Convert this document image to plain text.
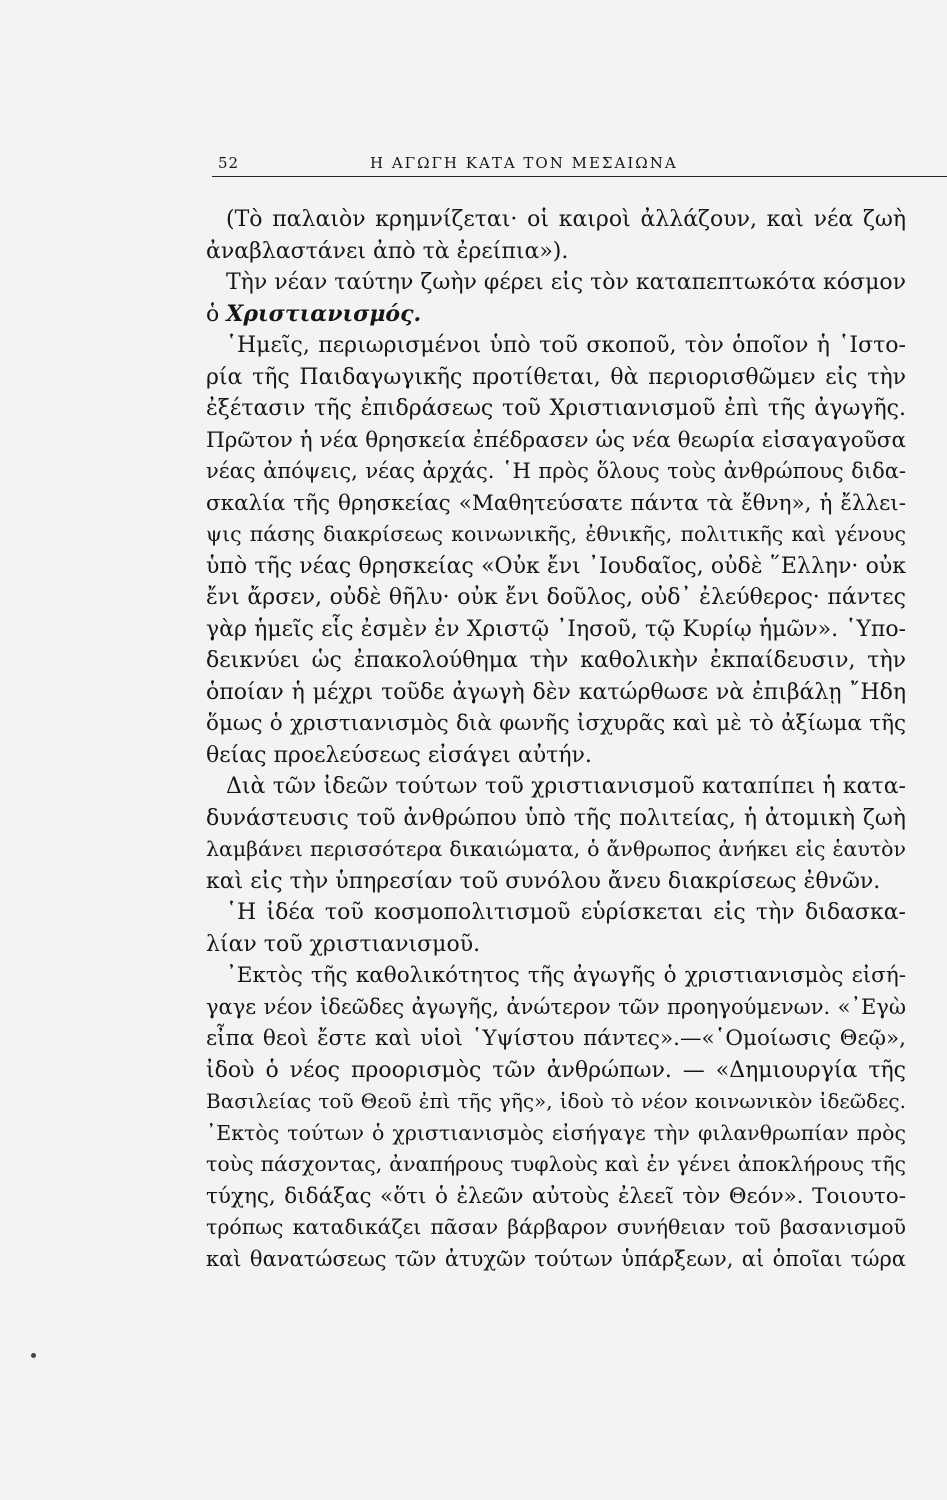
52	Η ΑΓΩΓΗ ΚΑΤΑ ΤΟΝ ΜΕΣΑΙΩΝΑ
(Τὸ παλαιὸν κρημνίζεται· οἱ καιροὶ ἀλλάζουν, καὶ νέα ζωὴ
ἀναβλαστάνει ἀπὸ τὰ ἐρείπια»).
Τὴν νέαν ταύτην ζωὴν φέρει εἰς τὸν καταπεπτωκότα κόσμον
ὁ Χριστιανισμός.
῾Ημεῖς, περιωρισμένοι ὑπὸ τοῦ σκοποῦ, τὸν ὁποῖον ἡ ῾Ιστο-
ρία τῆς Παιδαγωγικῆς προτίθεται, θὰ περιορισθῶμεν εἰς τὴν
ἐξέτασιν τῆς ἐπιδράσεως τοῦ Χριστιανισμοῦ ἐπὶ τῆς ἀγωγῆς.
Πρῶτον ἡ νέα θρησκεία ἐπέδρασεν ὡς νέα θεωρία εἰσαγαγοῦσα
νέας ἀπόψεις, νέας ἀρχάς. ῾Η πρὸς ὅλους τοὺς ἀνθρώπους διδα-
σκαλία τῆς θρησκείας «Μαθητεύσατε πάντα τὰ ἔθνη», ἡ ἔλλει-
ψις πάσης διακρίσεως κοινωνικῆς, ἐθνικῆς, πολιτικῆς καὶ γένους
ὑπὸ τῆς νέας θρησκείας «Οὐκ ἔνι ᾿Ιουδαῖος, οὐδὲ ῞Ελλην· οὐκ
ἔνι ἄρσεν, οὐδὲ θῆλυ· οὐκ ἔνι δοῦλος, οὐδ᾿ ἐλεύθερος· πάντες
γὰρ ἡμεῖς εἷς ἐσμὲν ἐν Χριστῷ ᾿Ιησοῦ, τῷ Κυρίῳ ἡμῶν». ῾Υπο-
δεικνύει ὡς ἐπακολούθημα τὴν καθολικὴν ἐκπαίδευσιν, τὴν
ὁποίαν ἡ μέχρι τοῦδε ἀγωγὴ δὲν κατώρθωσε νὰ ἐπιβάλῃ ῎Ηδη
ὅμως ὁ χριστιανισμὸς διὰ φωνῆς ἰσχυρᾶς καὶ μὲ τὸ ἀξίωμα τῆς
θείας προελεύσεως εἰσάγει αὐτήν.
Διὰ τῶν ἰδεῶν τούτων τοῦ χριστιανισμοῦ καταπίπει ἡ κατα-
δυνάστευσις τοῦ ἀνθρώπου ὑπὸ τῆς πολιτείας, ἡ ἀτομικὴ ζωὴ
λαμβάνει περισσότερα δικαιώματα, ὁ ἄνθρωπος ἀνήκει εἰς ἑαυτὸν
καὶ εἰς τὴν ὑπηρεσίαν τοῦ συνόλου ἄνευ διακρίσεως ἐθνῶν.
῾Η ἰδέα τοῦ κοσμοπολιτισμοῦ εὑρίσκεται εἰς τὴν διδασκα-
λίαν τοῦ χριστιανισμοῦ.
᾿Εκτὸς τῆς καθολικότητος τῆς ἀγωγῆς ὁ χριστιανισμὸς εἰσή-
γαγε νέον ἰδεῶδες ἀγωγῆς, ἀνώτερον τῶν προηγούμενων. «᾿Εγὼ
εἶπα θεοὶ ἔστε καὶ υἱοὶ ῾Υψίστου πάντες».—«῾Ομοίωσις Θεῷ»,
ἰδοὺ ὁ νέος προορισμὸς τῶν ἀνθρώπων. — «Δημιουργία τῆς
Βασιλείας τοῦ Θεοῦ ἐπὶ τῆς γῆς», ἰδοὺ τὸ νέον κοινωνικὸν ἰδεῶδες.
᾿Εκτὸς τούτων ὁ χριστιανισμὸς εἰσήγαγε τὴν φιλανθρωπίαν πρὸς
τοὺς πάσχοντας, ἀναπήρους τυφλοὺς καὶ ἐν γένει ἀποκλήρους τῆς
τύχης, διδάξας «ὅτι ὁ ἐλεῶν αὐτοὺς ἐλεεῖ τὸν Θεόν». Τοιουτο-
τρόπως καταδικάζει πᾶσαν βάρβαρον συνήθειαν τοῦ βασανισμοῦ
καὶ θανατώσεως τῶν ἀτυχῶν τούτων ὑπάρξεων, αἱ ὁποῖαι τώρα
